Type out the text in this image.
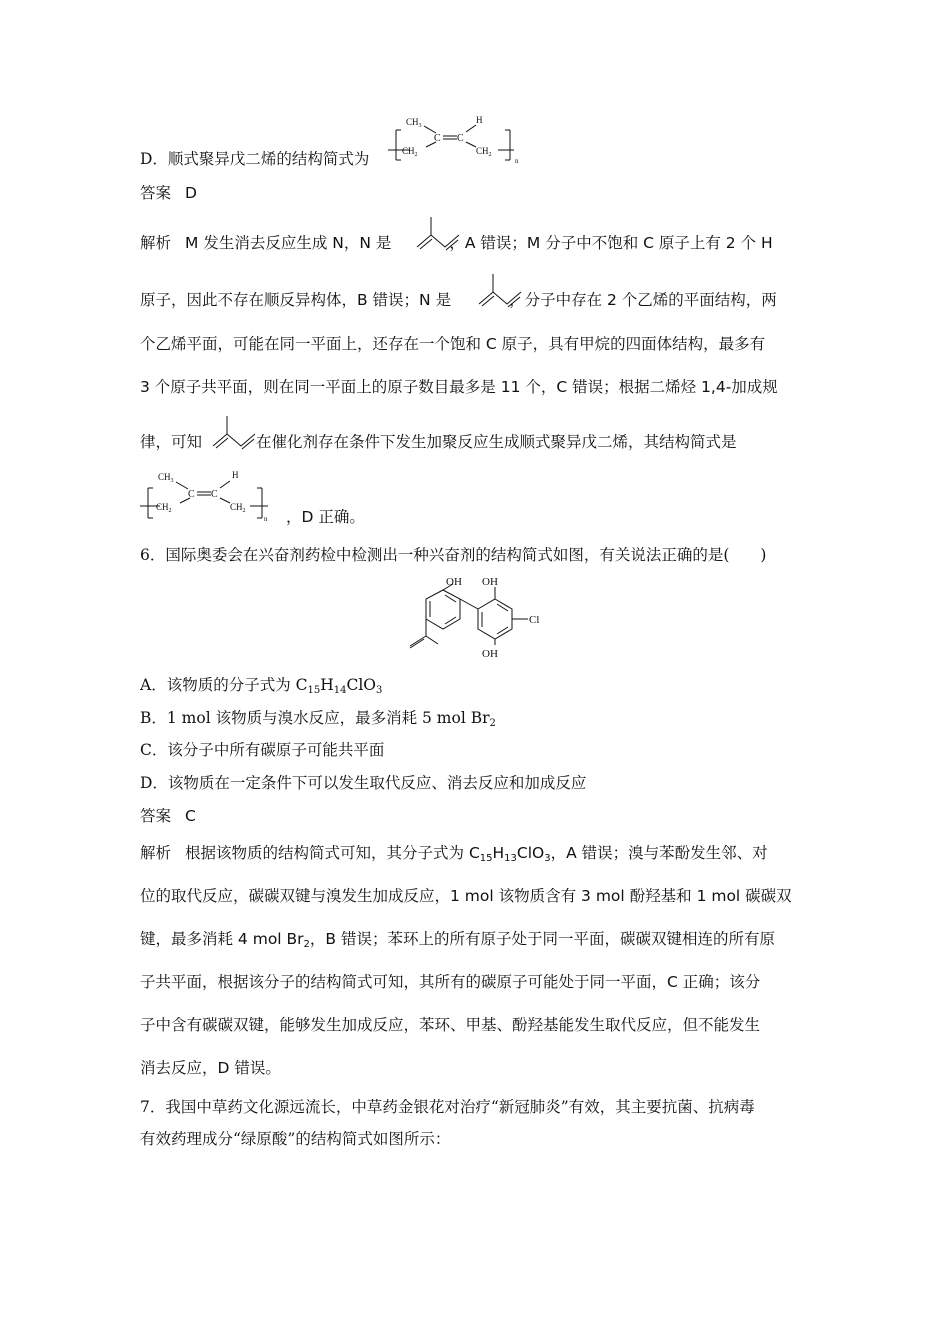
D．顺式聚异戊二烯的结构简式为
$CH_3$
C C
H
$CH_2$	$CH_2$
n
答案 D
解析 M 发生消去反应生成 N，N 是	，A 错误；M 分子中不饱和 C 原子上有 2 个 H
原子，因此不存在顺反异构体，B 错误；N 是	，分子中存在 2 个乙烯的平面结构，两
个乙烯平面，可能在同一平面上，还存在一个饱和 C 原子，具有甲烷的四面体结构，最多有
3 个原子共平面，则在同一平面上的原子数目最多是 11 个，C 错误；根据二烯烃 1,4-加成规
律，可知	在催化剂存在条件下发生加聚反应生成顺式聚异戊二烯，其结构简式是
$CH_3$
C C
H
$CH_2$	$CH_2$
n ，D 正确。
6．国际奥委会在兴奋剂药检中检测出一种兴奋剂的结构简式如图，有关说法正确的是(　　)
OH OH
OH
Cl
A．该物质的分子式为 $C_{15}H_{14}ClO_3$
B．1 mol 该物质与溴水反应，最多消耗 5 mol $Br_2$
C．该分子中所有碳原子可能共平面
D．该物质在一定条件下可以发生取代反应、消去反应和加成反应
答案 C
解析 根据该物质的结构简式可知，其分子式为 $C_{15}H_{13}ClO_3$，A 错误；溴与苯酚发生邻、对
位的取代反应，碳碳双键与溴发生加成反应，1 mol 该物质含有 3 mol 酚羟基和 1 mol 碳碳双
键，最多消耗 4 mol $Br_2$，B 错误；苯环上的所有原子处于同一平面，碳碳双键相连的所有原
子共平面，根据该分子的结构简式可知，其所有的碳原子可能处于同一平面，C 正确；该分
子中含有碳碳双键，能够发生加成反应，苯环、甲基、酚羟基能发生取代反应，但不能发生
消去反应，D 错误。
7．我国中草药文化源远流长，中草药金银花对治疗“新冠肺炎”有效，其主要抗菌、抗病毒
有效药理成分“绿原酸”的结构简式如图所示：
